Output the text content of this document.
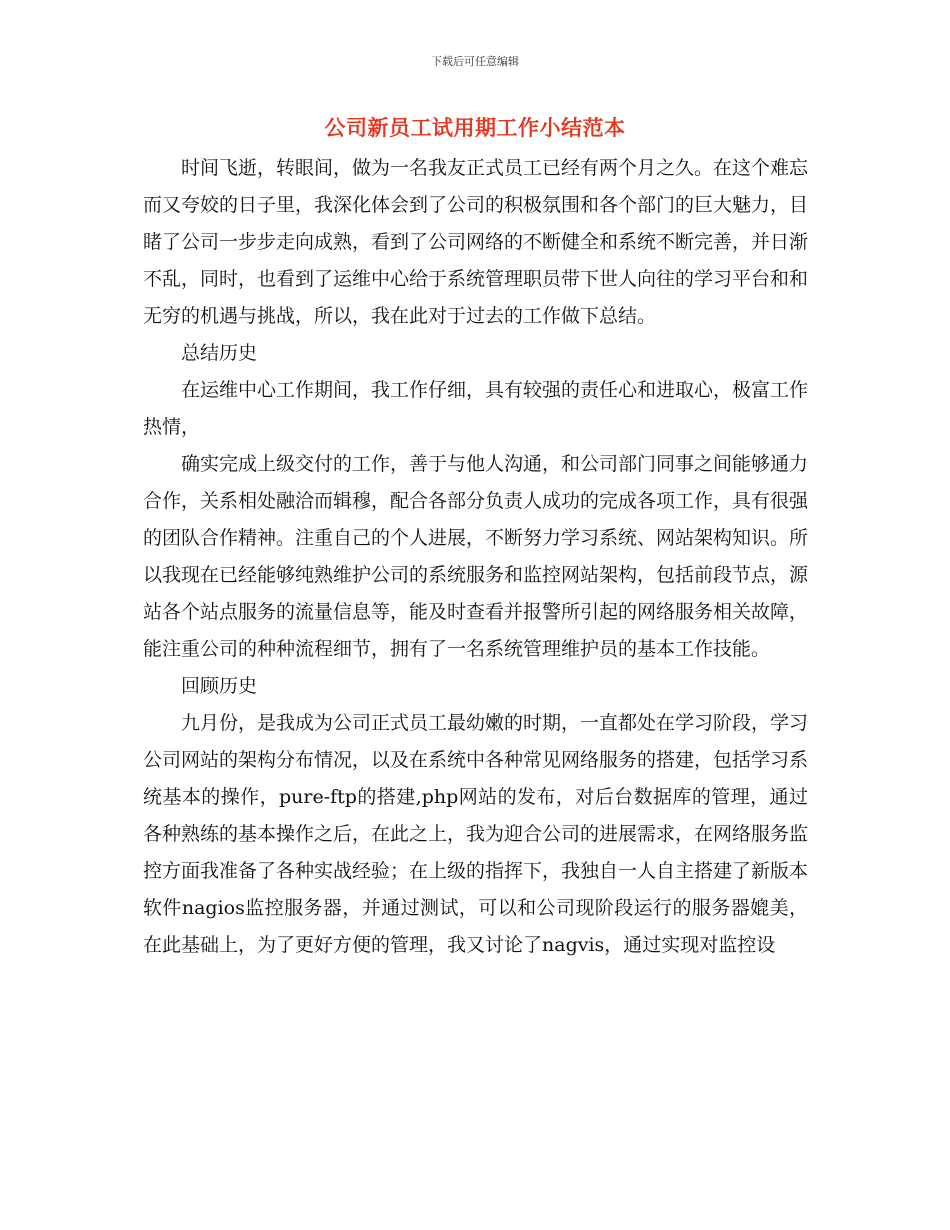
下载后可任意编辑
公司新员工试用期工作小结范本

时间飞逝，转眼间，做为一名我友正式员工已经有两个月之久。在这个难忘而又夸姣的日子里，我深化体会到了公司的积极氛围和各个部门的巨大魅力，目睹了公司一步步走向成熟，看到了公司网络的不断健全和系统不断完善，并日渐不乱，同时，也看到了运维中心给于系统管理职员带下世人向往的学习平台和和无穷的机遇与挑战，所以，我在此对于过去的工作做下总结。

总结历史

在运维中心工作期间，我工作仔细，具有较强的责任心和进取心，极富工作热情，

确实完成上级交付的工作，善于与他人沟通，和公司部门同事之间能够通力合作，关系相处融洽而辑穆，配合各部分负责人成功的完成各项工作，具有很强的团队合作精神。注重自己的个人进展，不断努力学习系统、网站架构知识。所以我现在已经能够纯熟维护公司的系统服务和监控网站架构，包括前段节点，源站各个站点服务的流量信息等，能及时查看并报警所引起的网络服务相关故障，能注重公司的种种流程细节，拥有了一名系统管理维护员的基本工作技能。

回顾历史

九月份，是我成为公司正式员工最幼嫩的时期，一直都处在学习阶段，学习公司网站的架构分布情况，以及在系统中各种常见网络服务的搭建，包括学习系统基本的操作，pure-ftp的搭建,php网站的发布，对后台数据库的管理，通过各种熟练的基本操作之后，在此之上，我为迎合公司的进展需求，在网络服务监控方面我准备了各种实战经验；在上级的指挥下，我独自一人自主搭建了新版本软件nagios监控服务器，并通过测试，可以和公司现阶段运行的服务器媲美，在此基础上，为了更好方便的管理，我又讨论了nagvis，通过实现对监控设
